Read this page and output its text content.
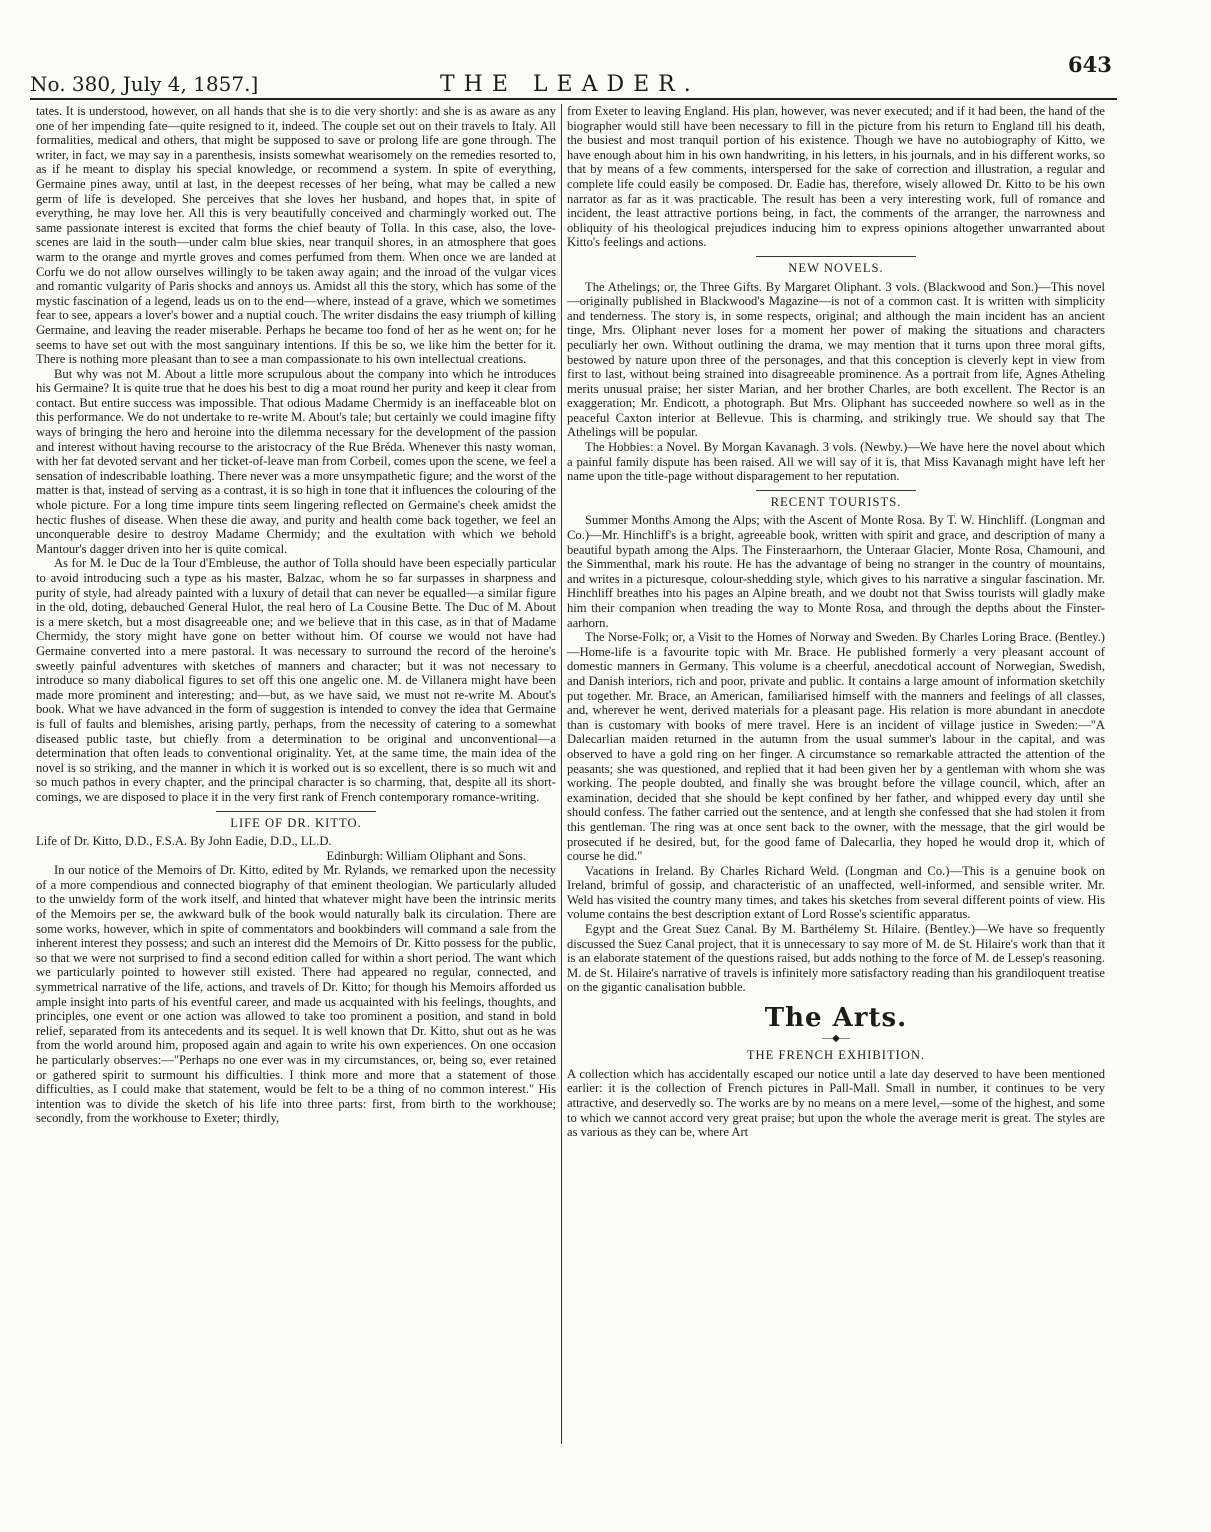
No. 380, July 4, 1857.]	THE LEADER.
643

tates. It is understood, however, on all hands that she is to die very shortly: and she is as aware as any one of her impending fate—quite resigned to it, indeed. The couple set out on their travels to Italy. All formalities, medical and others, that might be supposed to save or prolong life are gone through. The writer, in fact, we may say in a parenthesis, insists somewhat wearisomely on the remedies resorted to, as if he meant to display his special knowledge, or recommend a system. In spite of everything, Germaine pines away, until at last, in the deepest recesses of her being, what may be called a new germ of life is developed. She perceives that she loves her husband, and hopes that, in spite of everything, he may love her. All this is very beautifully conceived and charmingly worked out. The same passionate interest is excited that forms the chief beauty of Tolla. In this case, also, the love-scenes are laid in the south—under calm blue skies, near tranquil shores, in an atmosphere that goes warm to the orange and myrtle groves and comes perfumed from them. When once we are landed at Corfu we do not allow ourselves willingly to be taken away again; and the inroad of the vulgar vices and romantic vulgarity of Paris shocks and annoys us. Amidst all this the story, which has some of the mystic fascination of a legend, leads us on to the end—where, instead of a grave, which we sometimes fear to see, appears a lover's bower and a nuptial couch. The writer disdains the easy triumph of killing Germaine, and leaving the reader miserable. Perhaps he became too fond of her as he went on; for he seems to have set out with the most sanguinary intentions. If this be so, we like him the better for it. There is nothing more pleasant than to see a man compassionate to his own intellectual creations.

But why was not M. About a little more scrupulous about the company into which he introduces his Germaine? It is quite true that he does his best to dig a moat round her purity and keep it clear from contact. But entire success was impossible. That odious Madame Chermidy is an ineffaceable blot on this performance. We do not undertake to re-write M. About's tale; but certainly we could imagine fifty ways of bringing the hero and heroine into the dilemma necessary for the development of the passion and interest without having recourse to the aristocracy of the Rue Bréda. Whenever this nasty woman, with her fat devoted servant and her ticket-of-leave man from Corbeil, comes upon the scene, we feel a sensation of indescribable loathing. There never was a more unsympathetic figure; and the worst of the matter is that, instead of serving as a contrast, it is so high in tone that it influences the colouring of the whole picture. For a long time impure tints seem lingering reflected on Germaine's cheek amidst the hectic flushes of disease. When these die away, and purity and health come back together, we feel an unconquerable desire to destroy Madame Chermidy; and the exultation with which we behold Mantour's dagger driven into her is quite comical.

As for M. le Duc de la Tour d'Embleuse, the author of Tolla should have been especially particular to avoid introducing such a type as his master, Balzac, whom he so far surpasses in sharpness and purity of style, had already painted with a luxury of detail that can never be equalled—a similar figure in the old, doting, debauched General Hulot, the real hero of La Cousine Bette. The Duc of M. About is a mere sketch, but a most disagreeable one; and we believe that in this case, as in that of Madame Chermidy, the story might have gone on better without him. Of course we would not have had Germaine converted into a mere pastoral. It was necessary to surround the record of the heroine's sweetly painful adventures with sketches of manners and character; but it was not necessary to introduce so many diabolical figures to set off this one angelic one. M. de Villanera might have been made more prominent and interesting; and—but, as we have said, we must not re-write M. About's book. What we have advanced in the form of suggestion is intended to convey the idea that Germaine is full of faults and blemishes, arising partly, perhaps, from the necessity of catering to a somewhat diseased public taste, but chiefly from a determination to be original and unconventional—a determination that often leads to conventional originality. Yet, at the same time, the main idea of the novel is so striking, and the manner in which it is worked out is so excellent, there is so much wit and so much pathos in every chapter, and the principal character is so charming, that, despite all its short-comings, we are disposed to place it in the very first rank of French contemporary romance-writing.

LIFE OF DR. KITTO.

Life of Dr. Kitto, D.D., F.S.A. By John Eadie, D.D., LL.D.

Edinburgh: William Oliphant and Sons.

In our notice of the Memoirs of Dr. Kitto, edited by Mr. Rylands, we remarked upon the necessity of a more compendious and connected biography of that eminent theologian. We particularly alluded to the unwieldy form of the work itself, and hinted that whatever might have been the intrinsic merits of the Memoirs per se, the awkward bulk of the book would naturally balk its circulation. There are some works, however, which in spite of commentators and bookbinders will command a sale from the inherent interest they possess; and such an interest did the Memoirs of Dr. Kitto possess for the public, so that we were not surprised to find a second edition called for within a short period. The want which we particularly pointed to however still existed. There had appeared no regular, connected, and symmetrical narrative of the life, actions, and travels of Dr. Kitto; for though his Memoirs afforded us ample insight into parts of his eventful career, and made us acquainted with his feelings, thoughts, and principles, one event or one action was allowed to take too prominent a position, and stand in bold relief, separated from its antecedents and its sequel. It is well known that Dr. Kitto, shut out as he was from the world around him, proposed again and again to write his own experiences. On one occasion he particularly observes:—"Perhaps no one ever was in my circumstances, or, being so, ever retained or gathered spirit to surmount his difficulties. I think more and more that a statement of those difficulties, as I could make that statement, would be felt to be a thing of no common interest." His intention was to divide the sketch of his life into three parts: first, from birth to the workhouse; secondly, from the workhouse to Exeter; thirdly,

from Exeter to leaving England. His plan, however, was never executed; and if it had been, the hand of the biographer would still have been necessary to fill in the picture from his return to England till his death, the busiest and most tranquil portion of his existence. Though we have no autobiography of Kitto, we have enough about him in his own handwriting, in his letters, in his journals, and in his different works, so that by means of a few comments, interspersed for the sake of correction and illustration, a regular and complete life could easily be composed. Dr. Eadie has, therefore, wisely allowed Dr. Kitto to be his own narrator as far as it was practicable. The result has been a very interesting work, full of romance and incident, the least attractive portions being, in fact, the comments of the arranger, the narrowness and obliquity of his theological prejudices inducing him to express opinions altogether unwarranted about Kitto's feelings and actions.

NEW NOVELS.

The Athelings; or, the Three Gifts. By Margaret Oliphant. 3 vols. (Blackwood and Son.)—This novel—originally published in Blackwood's Magazine—is not of a common cast. It is written with simplicity and tenderness. The story is, in some respects, original; and although the main incident has an ancient tinge, Mrs. Oliphant never loses for a moment her power of making the situations and characters peculiarly her own. Without outlining the drama, we may mention that it turns upon three moral gifts, bestowed by nature upon three of the personages, and that this conception is cleverly kept in view from first to last, without being strained into disagreeable prominence. As a portrait from life, Agnes Atheling merits unusual praise; her sister Marian, and her brother Charles, are both excellent. The Rector is an exaggeration; Mr. Endicott, a photograph. But Mrs. Oliphant has succeeded nowhere so well as in the peaceful Caxton interior at Bellevue. This is charming, and strikingly true. We should say that The Athelings will be popular.

The Hobbies: a Novel. By Morgan Kavanagh. 3 vols. (Newby.)—We have here the novel about which a painful family dispute has been raised. All we will say of it is, that Miss Kavanagh might have left her name upon the title-page without disparagement to her reputation.

RECENT TOURISTS.

Summer Months Among the Alps; with the Ascent of Monte Rosa. By T. W. Hinchliff. (Longman and Co.)—Mr. Hinchliff's is a bright, agreeable book, written with spirit and grace, and description of many a beautiful bypath among the Alps. The Finsteraarhorn, the Unteraar Glacier, Monte Rosa, Chamouni, and the Simmenthal, mark his route. He has the advantage of being no stranger in the country of mountains, and writes in a picturesque, colour-shedding style, which gives to his narrative a singular fascination. Mr. Hinchliff breathes into his pages an Alpine breath, and we doubt not that Swiss tourists will gladly make him their companion when treading the way to Monte Rosa, and through the depths about the Finster-aarhorn.

The Norse-Folk; or, a Visit to the Homes of Norway and Sweden. By Charles Loring Brace. (Bentley.)—Home-life is a favourite topic with Mr. Brace. He published formerly a very pleasant account of domestic manners in Germany. This volume is a cheerful, anecdotical account of Norwegian, Swedish, and Danish interiors, rich and poor, private and public. It contains a large amount of information sketchily put together. Mr. Brace, an American, familiarised himself with the manners and feelings of all classes, and, wherever he went, derived materials for a pleasant page. His relation is more abundant in anecdote than is customary with books of mere travel. Here is an incident of village justice in Sweden:—"A Dalecarlian maiden returned in the autumn from the usual summer's labour in the capital, and was observed to have a gold ring on her finger. A circumstance so remarkable attracted the attention of the peasants; she was questioned, and replied that it had been given her by a gentleman with whom she was working. The people doubted, and finally she was brought before the village council, which, after an examination, decided that she should be kept confined by her father, and whipped every day until she should confess. The father carried out the sentence, and at length she confessed that she had stolen it from this gentleman. The ring was at once sent back to the owner, with the message, that the girl would be prosecuted if he desired, but, for the good fame of Dalecarlia, they hoped he would drop it, which of course he did."

Vacations in Ireland. By Charles Richard Weld. (Longman and Co.)—This is a genuine book on Ireland, brimful of gossip, and characteristic of an unaffected, well-informed, and sensible writer. Mr. Weld has visited the country many times, and takes his sketches from several different points of view. His volume contains the best description extant of Lord Rosse's scientific apparatus.

Egypt and the Great Suez Canal. By M. Barthélemy St. Hilaire. (Bentley.)—We have so frequently discussed the Suez Canal project, that it is unnecessary to say more of M. de St. Hilaire's work than that it is an elaborate statement of the questions raised, but adds nothing to the force of M. de Lessep's reasoning. M. de St. Hilaire's narrative of travels is infinitely more satisfactory reading than his grandiloquent treatise on the gigantic canalisation bubble.

The Arts.
—◆—
THE FRENCH EXHIBITION.

A collection which has accidentally escaped our notice until a late day deserved to have been mentioned earlier: it is the collection of French pictures in Pall-Mall. Small in number, it continues to be very attractive, and deservedly so. The works are by no means on a mere level,—some of the highest, and some to which we cannot accord very great praise; but upon the whole the average merit is great. The styles are as various as they can be, where Art
